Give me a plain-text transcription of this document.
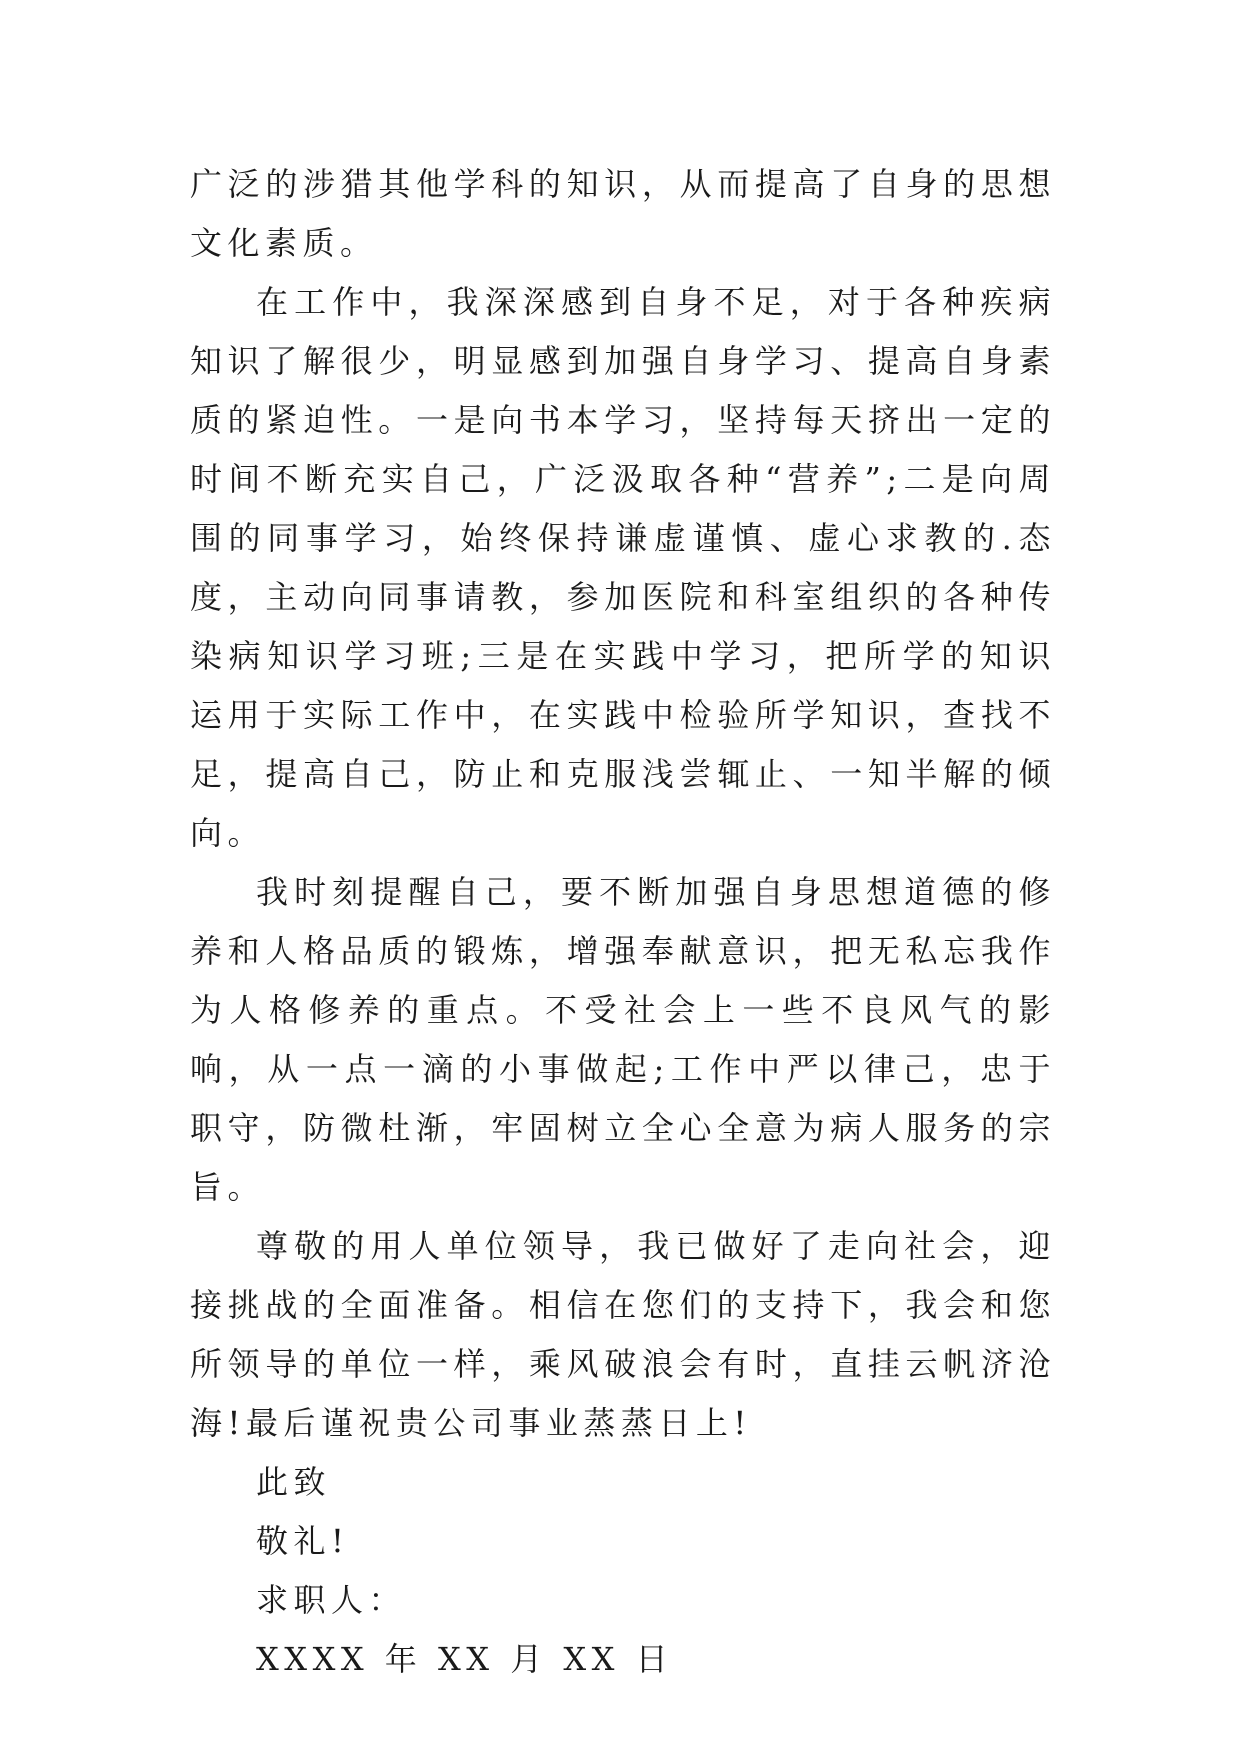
广泛的涉猎其他学科的知识，从而提高了自身的思想文化素质。

在工作中，我深深感到自身不足，对于各种疾病知识了解很少，明显感到加强自身学习、提高自身素质的紧迫性。一是向书本学习，坚持每天挤出一定的时间不断充实自己，广泛汲取各种“营养”;二是向周围的同事学习，始终保持谦虚谨慎、虚心求教的.态度，主动向同事请教，参加医院和科室组织的各种传染病知识学习班;三是在实践中学习，把所学的知识运用于实际工作中，在实践中检验所学知识，查找不足，提高自己，防止和克服浅尝辄止、一知半解的倾向。

我时刻提醒自己，要不断加强自身思想道德的修养和人格品质的锻炼，增强奉献意识，把无私忘我作为人格修养的重点。不受社会上一些不良风气的影响，从一点一滴的小事做起;工作中严以律己，忠于职守，防微杜渐，牢固树立全心全意为病人服务的宗旨。

尊敬的用人单位领导，我已做好了走向社会，迎接挑战的全面准备。相信在您们的支持下，我会和您所领导的单位一样，乘风破浪会有时，直挂云帆济沧海!最后谨祝贵公司事业蒸蒸日上!

此致

敬礼!

求职人：

XXXX 年 XX 月 XX 日
